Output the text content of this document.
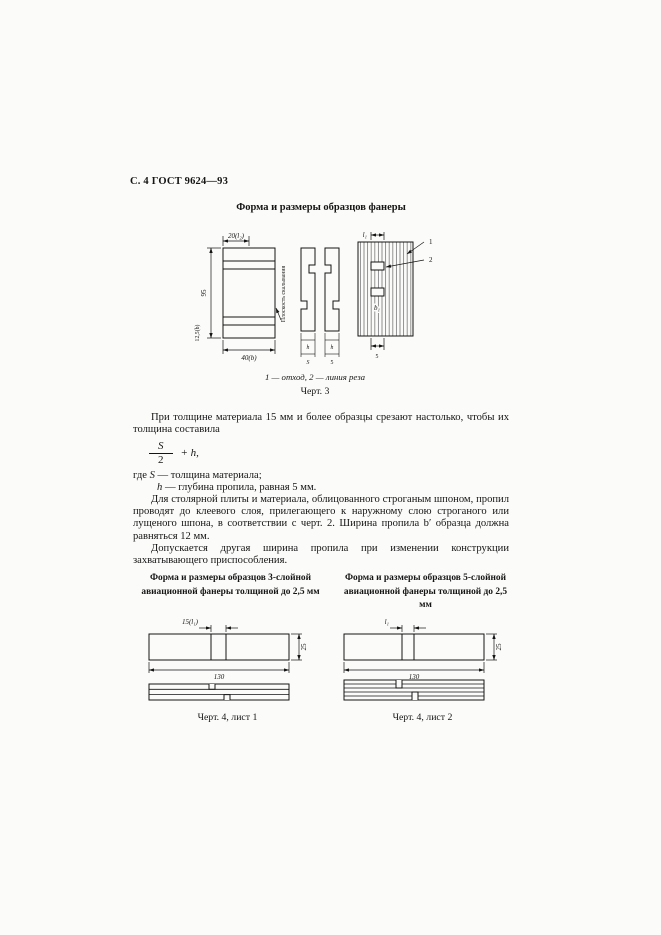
С. 4 ГОСТ 9624—93
Форма и размеры образцов фанеры
20(l₂)
95
12,5(b)
40(b)
Плоскость скалывания
h	h
S	5
l₁
1
2
b₁
5
1 — отход, 2 — линия реза
Черт. 3

При толщине материала 15 мм и более образцы срезают настолько, чтобы их толщина составила

$\frac{S}{2} + h$,

где S — толщина материала;

h — глубина пропила, равная 5 мм.

Для столярной плиты и материала, облицованного строганым шпоном, пропил проводят до клеевого слоя, прилегающего к наружному слою строганого или лущеного шпона, в соответствии с черт. 2. Ширина пропила b′ образца должна равняться 12 мм.

Допускается другая ширина пропила при изменении конструкции захватывающего приспособления.

Форма и размеры образцов 3-слойной авиационной фанеры толщиной до 2,5 мм
Форма и размеры образцов 5-слойной авиационной фанеры толщиной до 2,5 мм
15(l₁)
25
130
l₁
25
130
Черт. 4, лист 1	Черт. 4, лист 2
